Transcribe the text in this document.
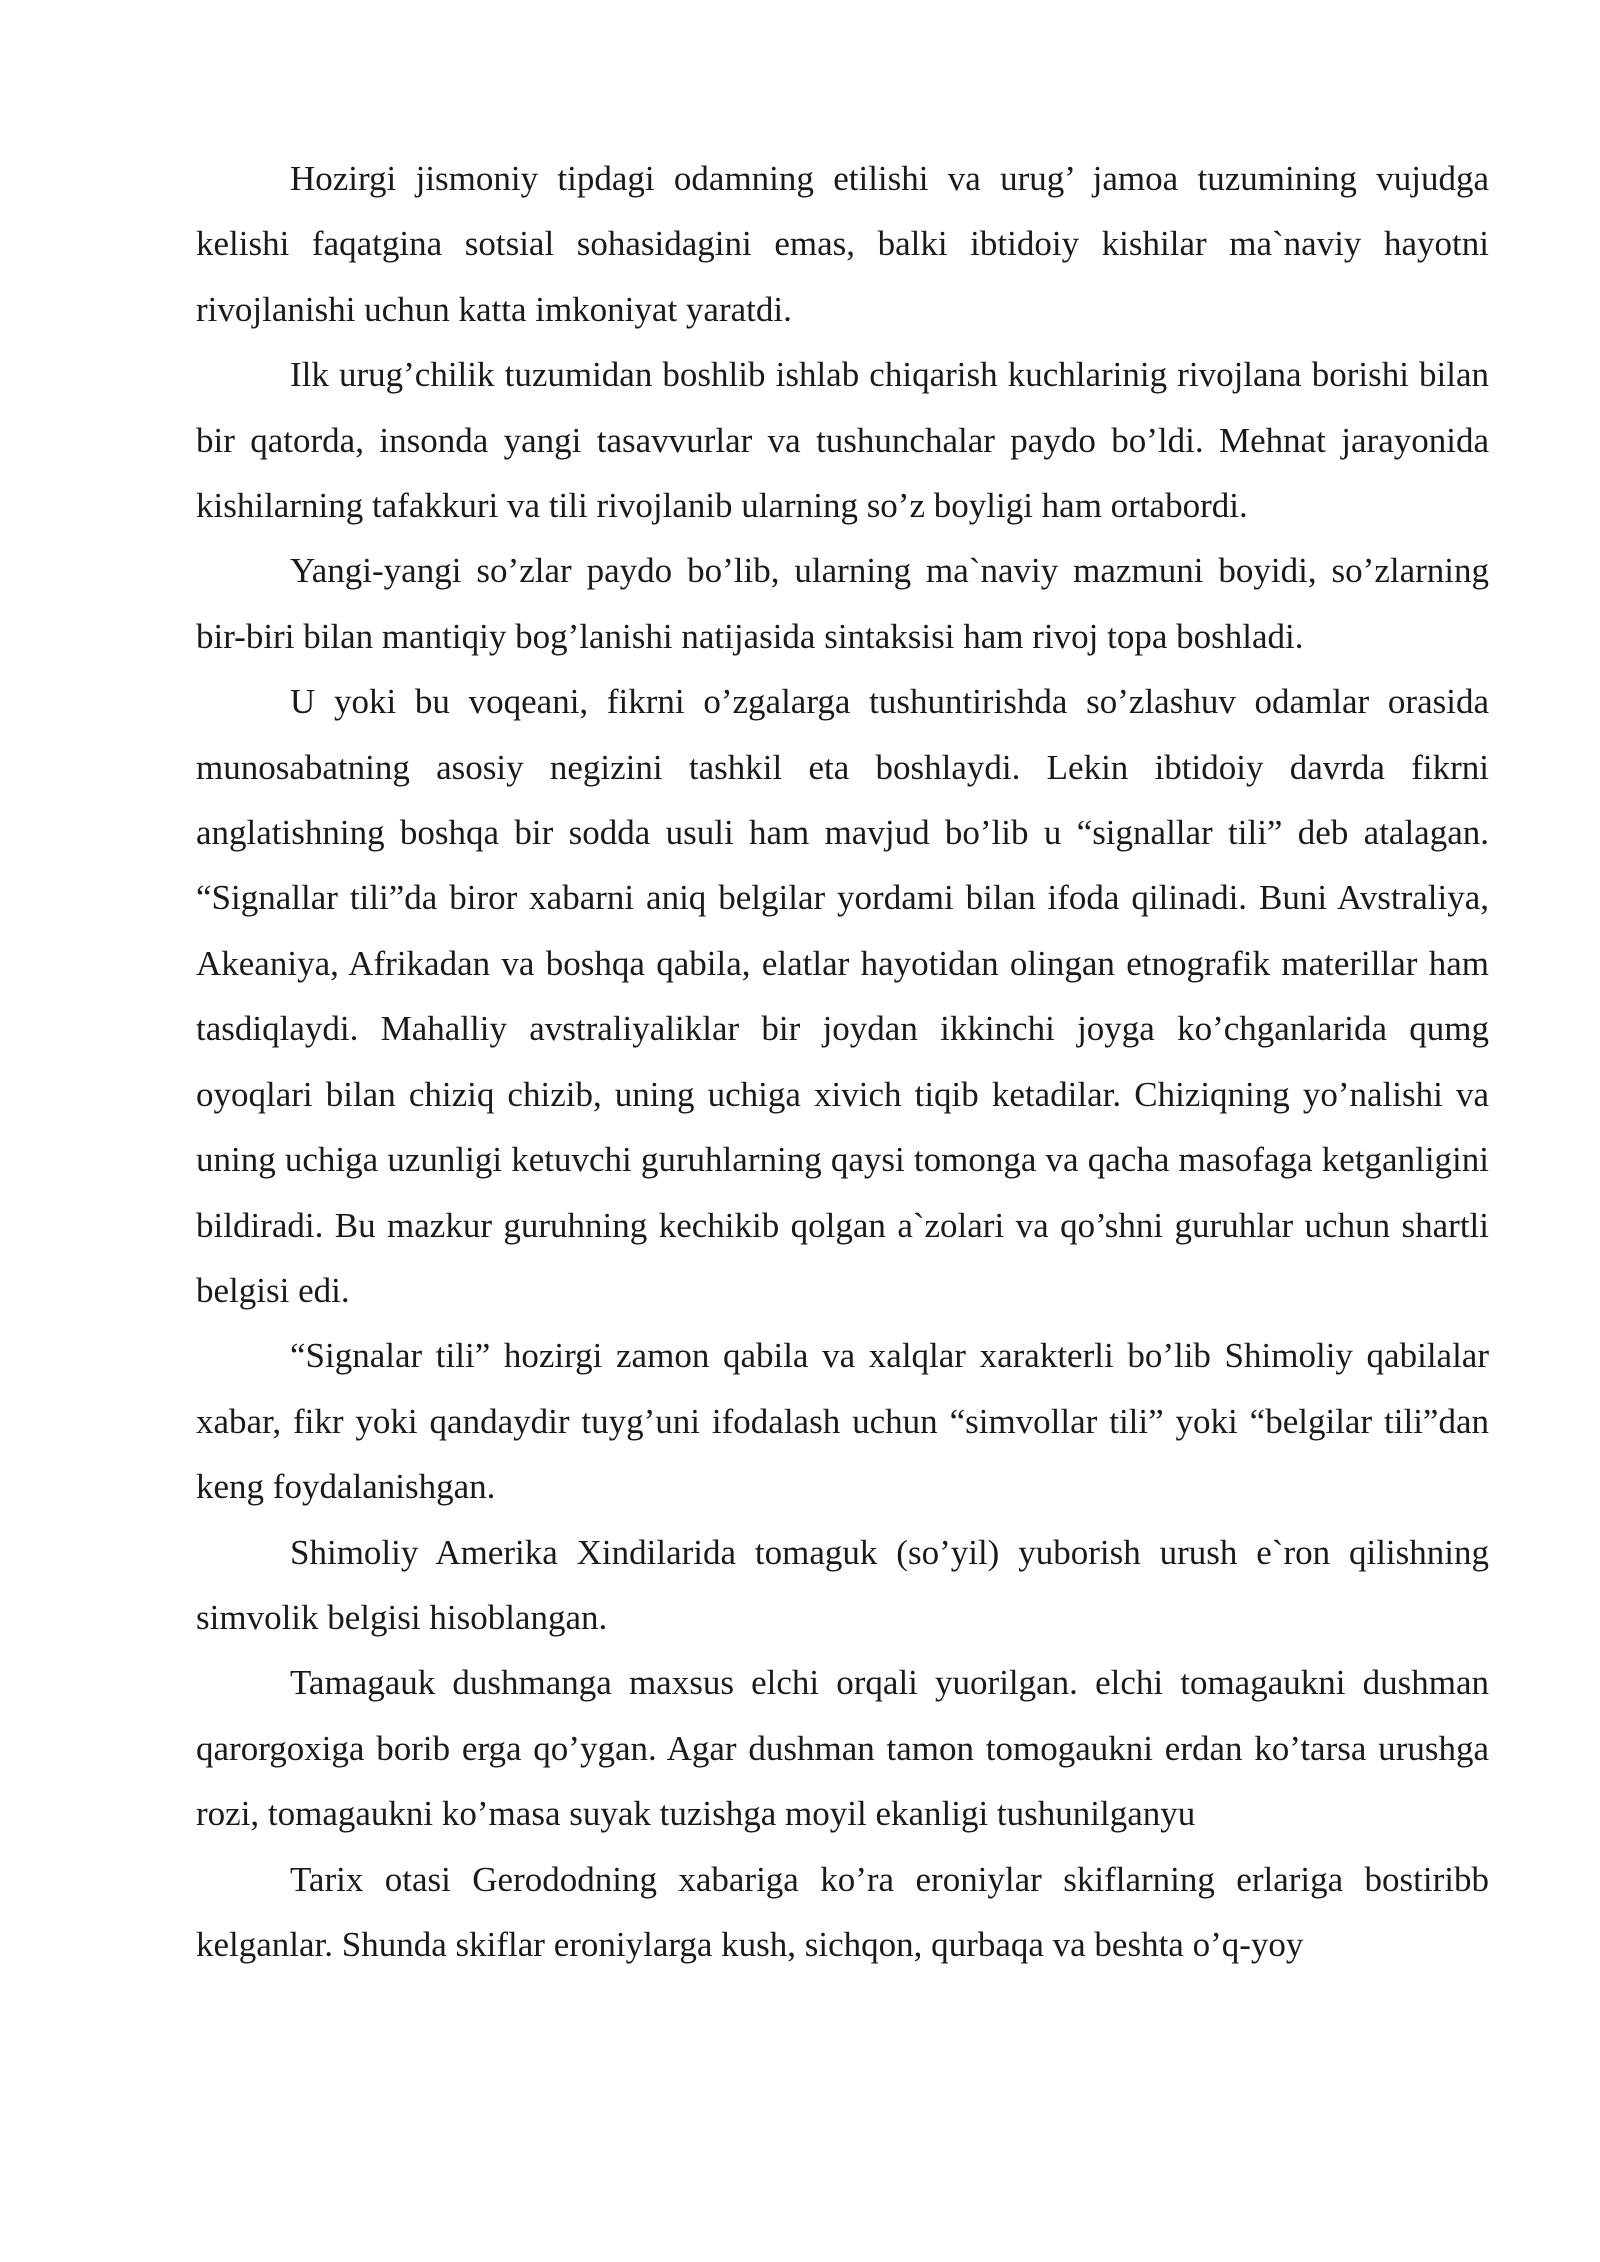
Hozirgi jismoniy tipdagi odamning etilishi va urug’ jamoa tuzumining vujudga kelishi faqatgina sotsial sohasidagini emas, balki ibtidoiy kishilar ma`naviy hayotni rivojlanishi uchun katta imkoniyat yaratdi.

Ilk urug’chilik tuzumidan boshlib ishlab chiqarish kuchlarinig rivojlana borishi bilan bir qatorda, insonda yangi tasavvurlar va tushunchalar paydo bo’ldi. Mehnat jarayonida kishilarning tafakkuri va tili rivojlanib ularning so’z boyligi ham ortabordi.

Yangi-yangi so’zlar paydo bo’lib, ularning ma`naviy mazmuni boyidi, so’zlarning bir-biri bilan mantiqiy bog’lanishi natijasida sintaksisi ham rivoj topa boshladi.

U yoki bu voqeani, fikrni o’zgalarga tushuntirishda so’zlashuv odamlar orasida munosabatning asosiy negizini tashkil eta boshlaydi. Lekin ibtidoiy davrda fikrni anglatishning boshqa bir sodda usuli ham mavjud bo’lib u “signallar tili” deb atalagan. “Signallar tili”da biror xabarni aniq belgilar yordami bilan ifoda qilinadi. Buni Avstraliya, Akeaniya, Afrikadan va boshqa qabila, elatlar hayotidan olingan etnografik materillar ham tasdiqlaydi. Mahalliy avstraliyaliklar bir joydan ikkinchi joyga ko’chganlarida qumg oyoqlari bilan chiziq chizib, uning uchiga xivich tiqib ketadilar. Chiziqning yo’nalishi va uning uchiga uzunligi ketuvchi guruhlarning qaysi tomonga va qacha masofaga ketganligini bildiradi. Bu mazkur guruhning kechikib qolgan a`zolari va qo’shni guruhlar uchun shartli belgisi edi.

“Signalar tili” hozirgi zamon qabila va xalqlar xarakterli bo’lib Shimoliy qabilalar xabar, fikr yoki qandaydir tuyg’uni ifodalash uchun “simvollar tili” yoki “belgilar tili”dan keng foydalanishgan.

Shimoliy Amerika Xindilarida tomaguk (so’yil) yuborish urush e`ron qilishning simvolik belgisi hisoblangan.

Tamagauk dushmanga maxsus elchi orqali yuorilgan. elchi tomagaukni dushman qarorgoxiga borib erga qo’ygan. Agar dushman tamon tomogaukni erdan ko’tarsa urushga rozi, tomagaukni ko’masa suyak tuzishga moyil ekanligi tushunilganyu

Tarix otasi Gerododning xabariga ko’ra eroniylar skiflarning erlariga bostiribb kelganlar. Shunda skiflar eroniylarga kush, sichqon, qurbaqa va beshta o’q-yoy
